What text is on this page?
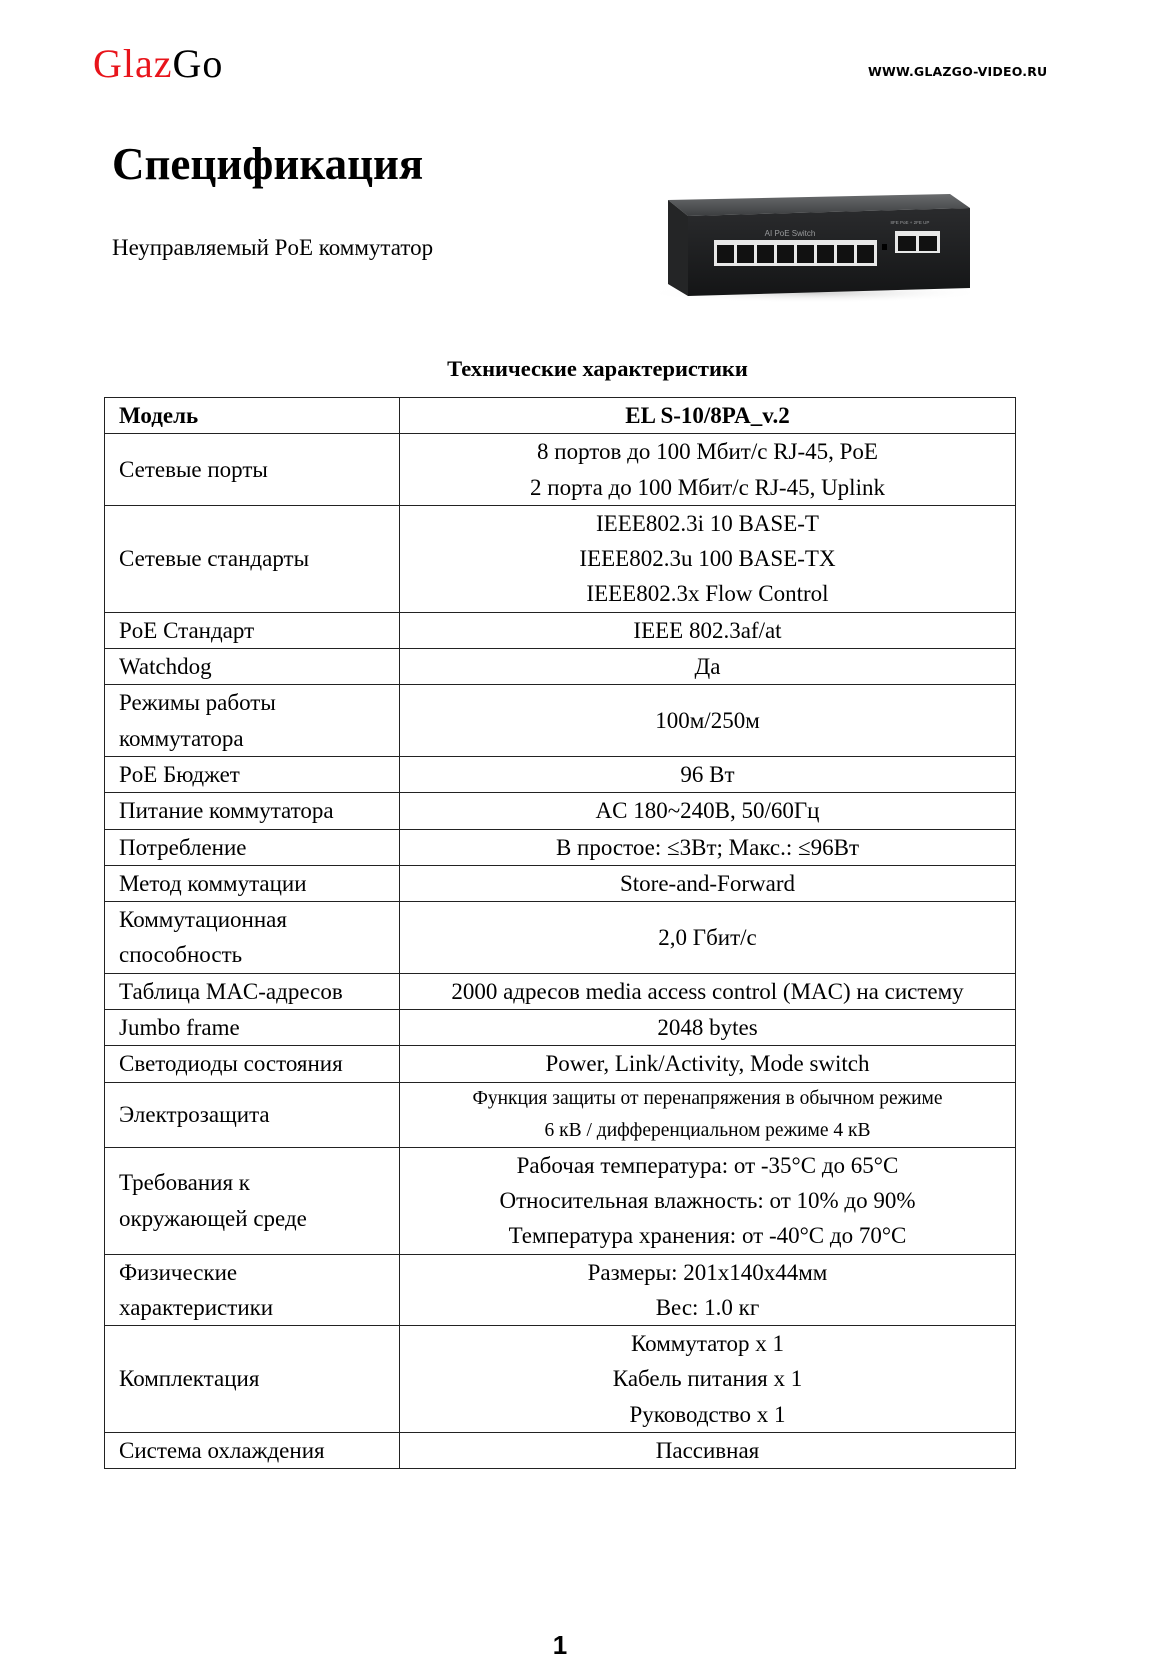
GlazGo	WWW.GLAZGO-VIDEO.RU
Спецификация
Неуправляемый PoE коммутатор
AI PoE Switch
8FE PoE + 2FE UP
Технические характеристики
Модель	EL S-10/8PA_v.2

Сетевые порты	8 портов до 100 Мбит/с RJ-45, PoE
2 порта до 100 Мбит/с RJ-45, Uplink

Сетевые стандарты	IEEE802.3i 10 BASE-T
IEEE802.3u 100 BASE-TX
IEEE802.3x Flow Control

PoE Стандарт	IEEE 802.3af/at

Watchdog	Да

Режимы работы
коммутатора	100м/250м

PoE Бюджет	96 Вт

Питание коммутатора	AC 180~240В, 50/60Гц

Потребление	В простое: ≤3Вт; Макс.: ≤96Вт

Метод коммутации	Store-and-Forward

Коммутационная
способность	2,0 Гбит/с

Таблица MAC-адресов	2000 адресов media access control (MAC) на систему

Jumbo frame	2048 bytes

Светодиоды состояния	Power, Link/Activity, Mode switch

Электрозащита	Функция защиты от перенапряжения в обычном режиме
6 кВ / дифференциальном режиме 4 кВ

Требования к
окружающей среде	Рабочая температура: от -35°C до 65°C
Относительная влажность: от 10% до 90%
Температура хранения: от -40°C до 70°C

Физические
характеристики	Размеры: 201x140x44мм
Вес: 1.0 кг

Комплектация	Коммутатор x 1
Кабель питания x 1
Руководство x 1

Система охлаждения	Пассивная
1
